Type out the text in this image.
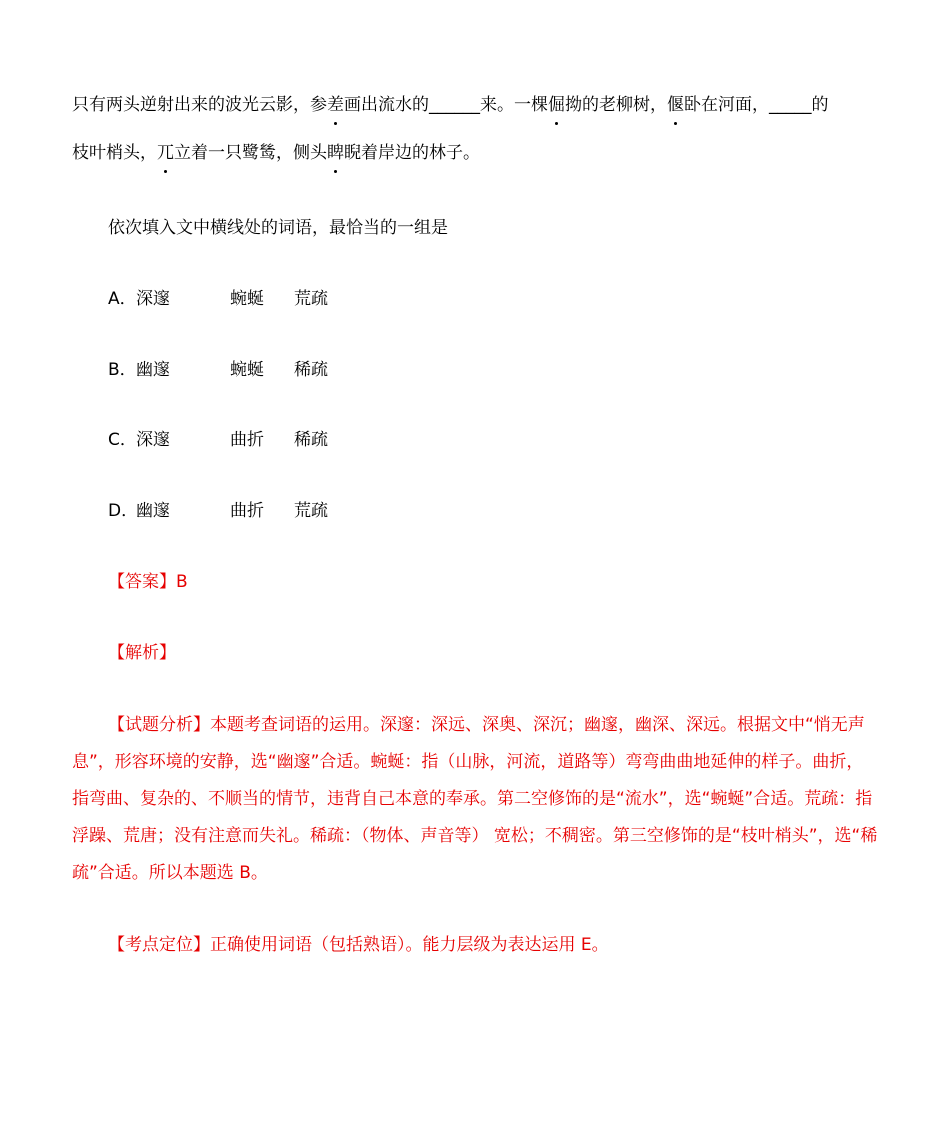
只有两头逆射出来的波光云影，参差画出流水的______来。一棵倔拗的老柳树，偃卧在河面，_____的
枝叶梢头，兀立着一只鹭鸶，侧头睥睨着岸边的林子。
依次填入文中横线处的词语，最恰当的一组是
A．深邃	蜿蜒 荒疏
B．幽邃	蜿蜒 稀疏
C．深邃	曲折 稀疏
D．幽邃	曲折 荒疏
【答案】B
【解析】

【试题分析】本题考查词语的运用。深邃：深远、深奥、深沉；幽邃，幽深、深远。根据文中“悄无声息”，形容环境的安静，选“幽邃”合适。蜿蜒：指（山脉，河流，道路等）弯弯曲曲地延伸的样子。曲折，指弯曲、复杂的、不顺当的情节，违背自己本意的奉承。第二空修饰的是“流水”，选“蜿蜒”合适。荒疏：指浮躁、荒唐；没有注意而失礼。稀疏：（物体、声音等） 宽松；不稠密。第三空修饰的是“枝叶梢头”，选“稀疏”合适。所以本题选 B。

【考点定位】正确使用词语（包括熟语）。能力层级为表达运用 E。
